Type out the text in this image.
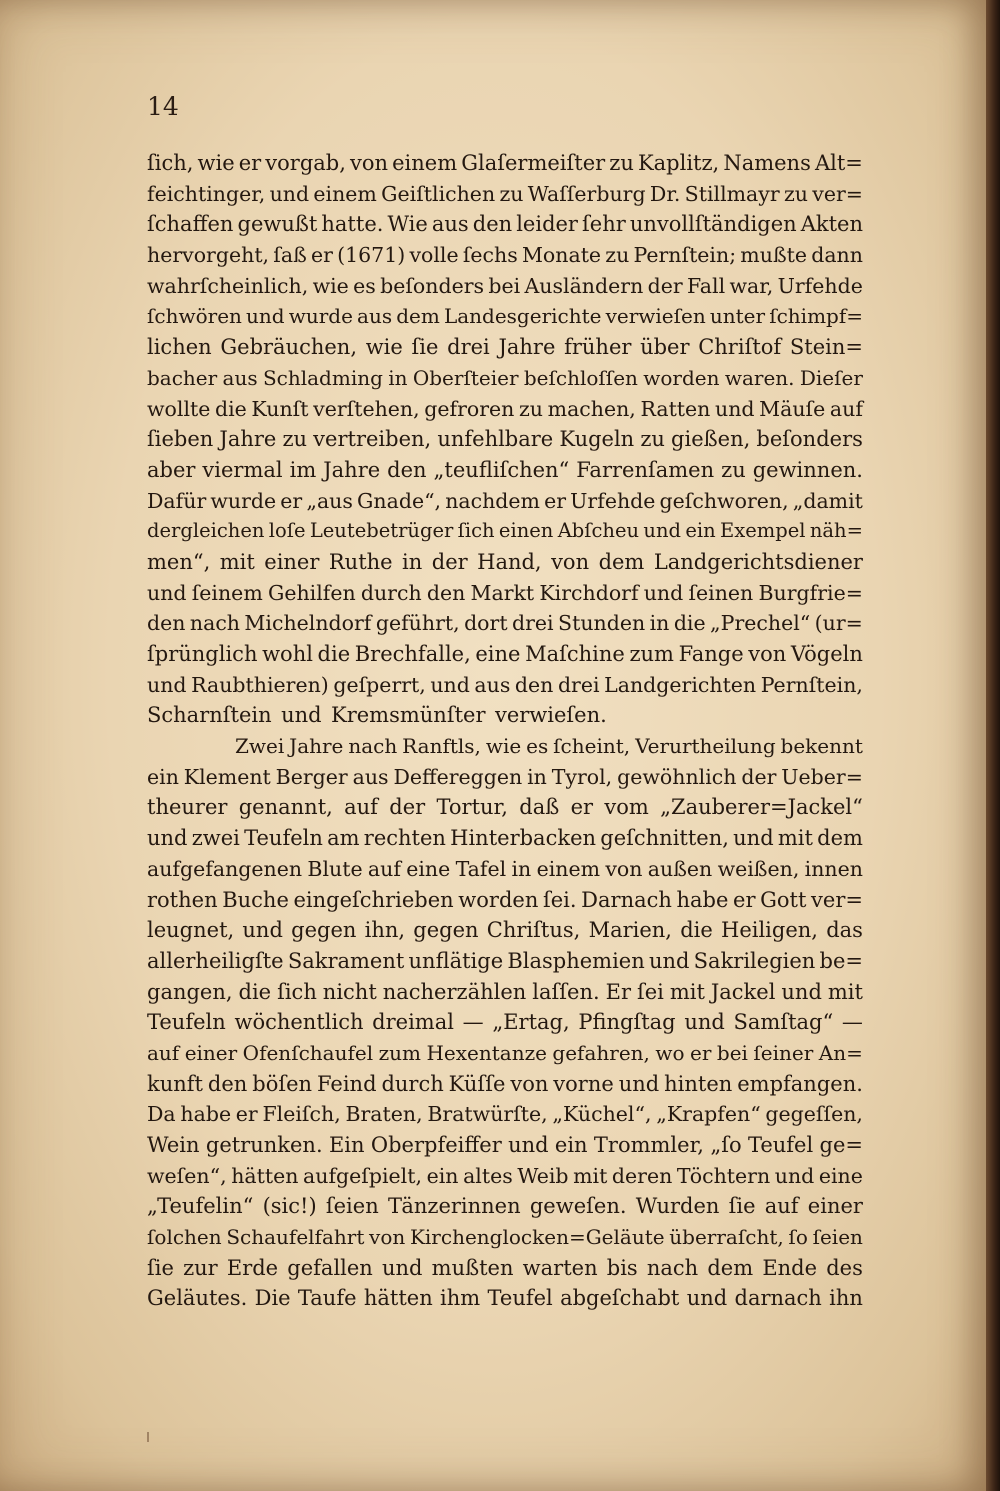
14
ſich, wie er vorgab, von einem Glaſermeiſter zu Kaplitz, Namens Alt=
feichtinger, und einem Geiſtlichen zu Waſſerburg Dr. Stillmayr zu ver=
ſchaffen gewußt hatte. Wie aus den leider ſehr unvollſtändigen Akten
hervorgeht, ſaß er (1671) volle ſechs Monate zu Pernſtein; mußte dann
wahrſcheinlich, wie es beſonders bei Ausländern der Fall war, Urfehde
ſchwören und wurde aus dem Landesgerichte verwieſen unter ſchimpf=
lichen Gebräuchen, wie ſie drei Jahre früher über Chriſtof Stein=
bacher aus Schladming in Oberſteier beſchloſſen worden waren. Dieſer
wollte die Kunſt verſtehen, gefroren zu machen, Ratten und Mäuſe auf
ſieben Jahre zu vertreiben, unfehlbare Kugeln zu gießen, beſonders
aber viermal im Jahre den „teufliſchen“ Farrenſamen zu gewinnen.
Dafür wurde er „aus Gnade“, nachdem er Urfehde geſchworen, „damit
dergleichen loſe Leutebetrüger ſich einen Abſcheu und ein Exempel näh=
men“, mit einer Ruthe in der Hand, von dem Landgerichtsdiener
und ſeinem Gehilfen durch den Markt Kirchdorf und ſeinen Burgfrie=
den nach Michelndorf geführt, dort drei Stunden in die „Prechel“ (ur=
ſprünglich wohl die Brechfalle, eine Maſchine zum Fange von Vögeln
und Raubthieren) geſperrt, und aus den drei Landgerichten Pernſtein,
Scharnſtein und Kremsmünſter verwieſen.
Zwei Jahre nach Ranftls, wie es ſcheint, Verurtheilung bekennt
ein Klement Berger aus Deffereggen in Tyrol, gewöhnlich der Ueber=
theurer genannt, auf der Tortur, daß er vom „Zauberer=Jackel“
und zwei Teufeln am rechten Hinterbacken geſchnitten, und mit dem
aufgefangenen Blute auf eine Tafel in einem von außen weißen, innen
rothen Buche eingeſchrieben worden ſei. Darnach habe er Gott ver=
leugnet, und gegen ihn, gegen Chriſtus, Marien, die Heiligen, das
allerheiligſte Sakrament unflätige Blasphemien und Sakrilegien be=
gangen, die ſich nicht nacherzählen laſſen. Er ſei mit Jackel und mit
Teufeln wöchentlich dreimal — „Ertag, Pfingſtag und Samſtag“ —
auf einer Ofenſchaufel zum Hexentanze gefahren, wo er bei ſeiner An=
kunft den böſen Feind durch Küſſe von vorne und hinten empfangen.
Da habe er Fleiſch, Braten, Bratwürſte, „Küchel“, „Krapfen“ gegeſſen,
Wein getrunken. Ein Oberpfeiffer und ein Trommler, „ſo Teufel ge=
weſen“, hätten aufgeſpielt, ein altes Weib mit deren Töchtern und eine
„Teufelin“ (sic!) ſeien Tänzerinnen geweſen. Wurden ſie auf einer
ſolchen Schaufelfahrt von Kirchenglocken=Geläute überraſcht, ſo ſeien
ſie zur Erde gefallen und mußten warten bis nach dem Ende des
Geläutes. Die Taufe hätten ihm Teufel abgeſchabt und darnach ihn
